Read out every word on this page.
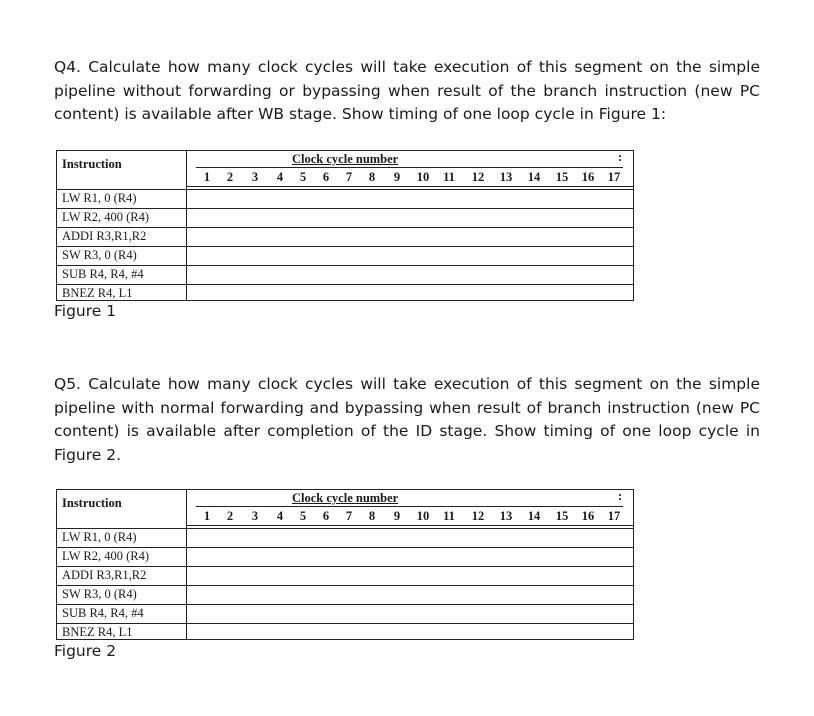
Q4. Calculate how many clock cycles will take execution of this segment on the simple pipeline without forwarding or bypassing when result of the branch instruction (new PC content) is available after WB stage. Show timing of one loop cycle in Figure 1:
Instruction	Clock cycle number	:
1 2 3 4 5 6 7 8 9 10 11 12 13 14 15 16 17
LW R1, 0 (R4)
LW R2, 400 (R4)
ADDI R3,R1,R2
SW R3, 0 (R4)
SUB R4, R4, #4
BNEZ R4, L1
Figure 1
Q5. Calculate how many clock cycles will take execution of this segment on the simple pipeline with normal forwarding and bypassing when result of branch instruction (new PC content) is available after completion of the ID stage. Show timing of one loop cycle in Figure 2.
Instruction	Clock cycle number	:
1 2 3 4 5 6 7 8 9 10 11 12 13 14 15 16 17
LW R1, 0 (R4)
LW R2, 400 (R4)
ADDI R3,R1,R2
SW R3, 0 (R4)
SUB R4, R4, #4
BNEZ R4, L1
Figure 2
